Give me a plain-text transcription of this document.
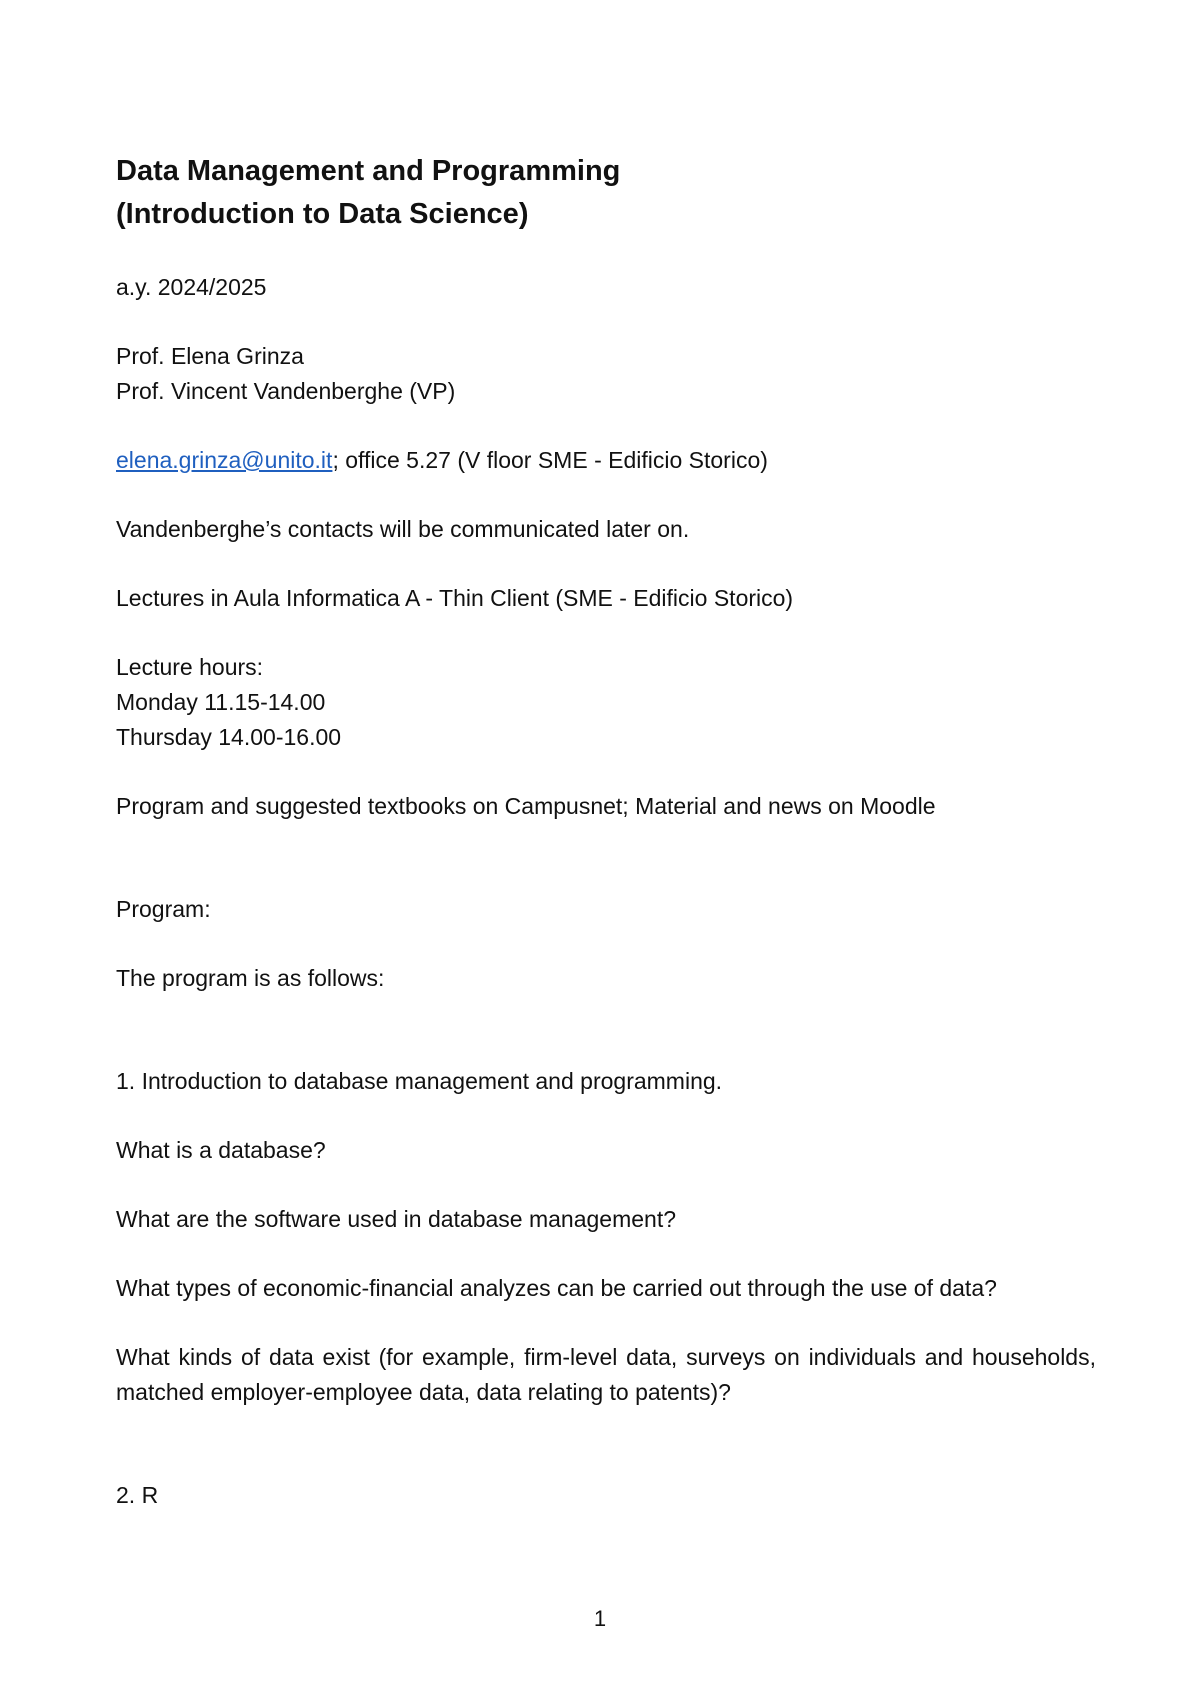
Data Management and Programming
(Introduction to Data Science)

a.y. 2024/2025

Prof. Elena Grinza

Prof. Vincent Vandenberghe (VP)

elena.grinza@unito.it; office 5.27 (V floor SME - Edificio Storico)

Vandenberghe’s contacts will be communicated later on.

Lectures in Aula Informatica A - Thin Client (SME - Edificio Storico)

Lecture hours:

Monday 11.15-14.00

Thursday 14.00-16.00

Program and suggested textbooks on Campusnet; Material and news on Moodle

Program:

The program is as follows:

1. Introduction to database management and programming.

What is a database?

What are the software used in database management?

What types of economic-financial analyzes can be carried out through the use of data?

What kinds of data exist (for example, firm-level data, surveys on individuals and households, matched employer-employee data, data relating to patents)?

2. R

1
